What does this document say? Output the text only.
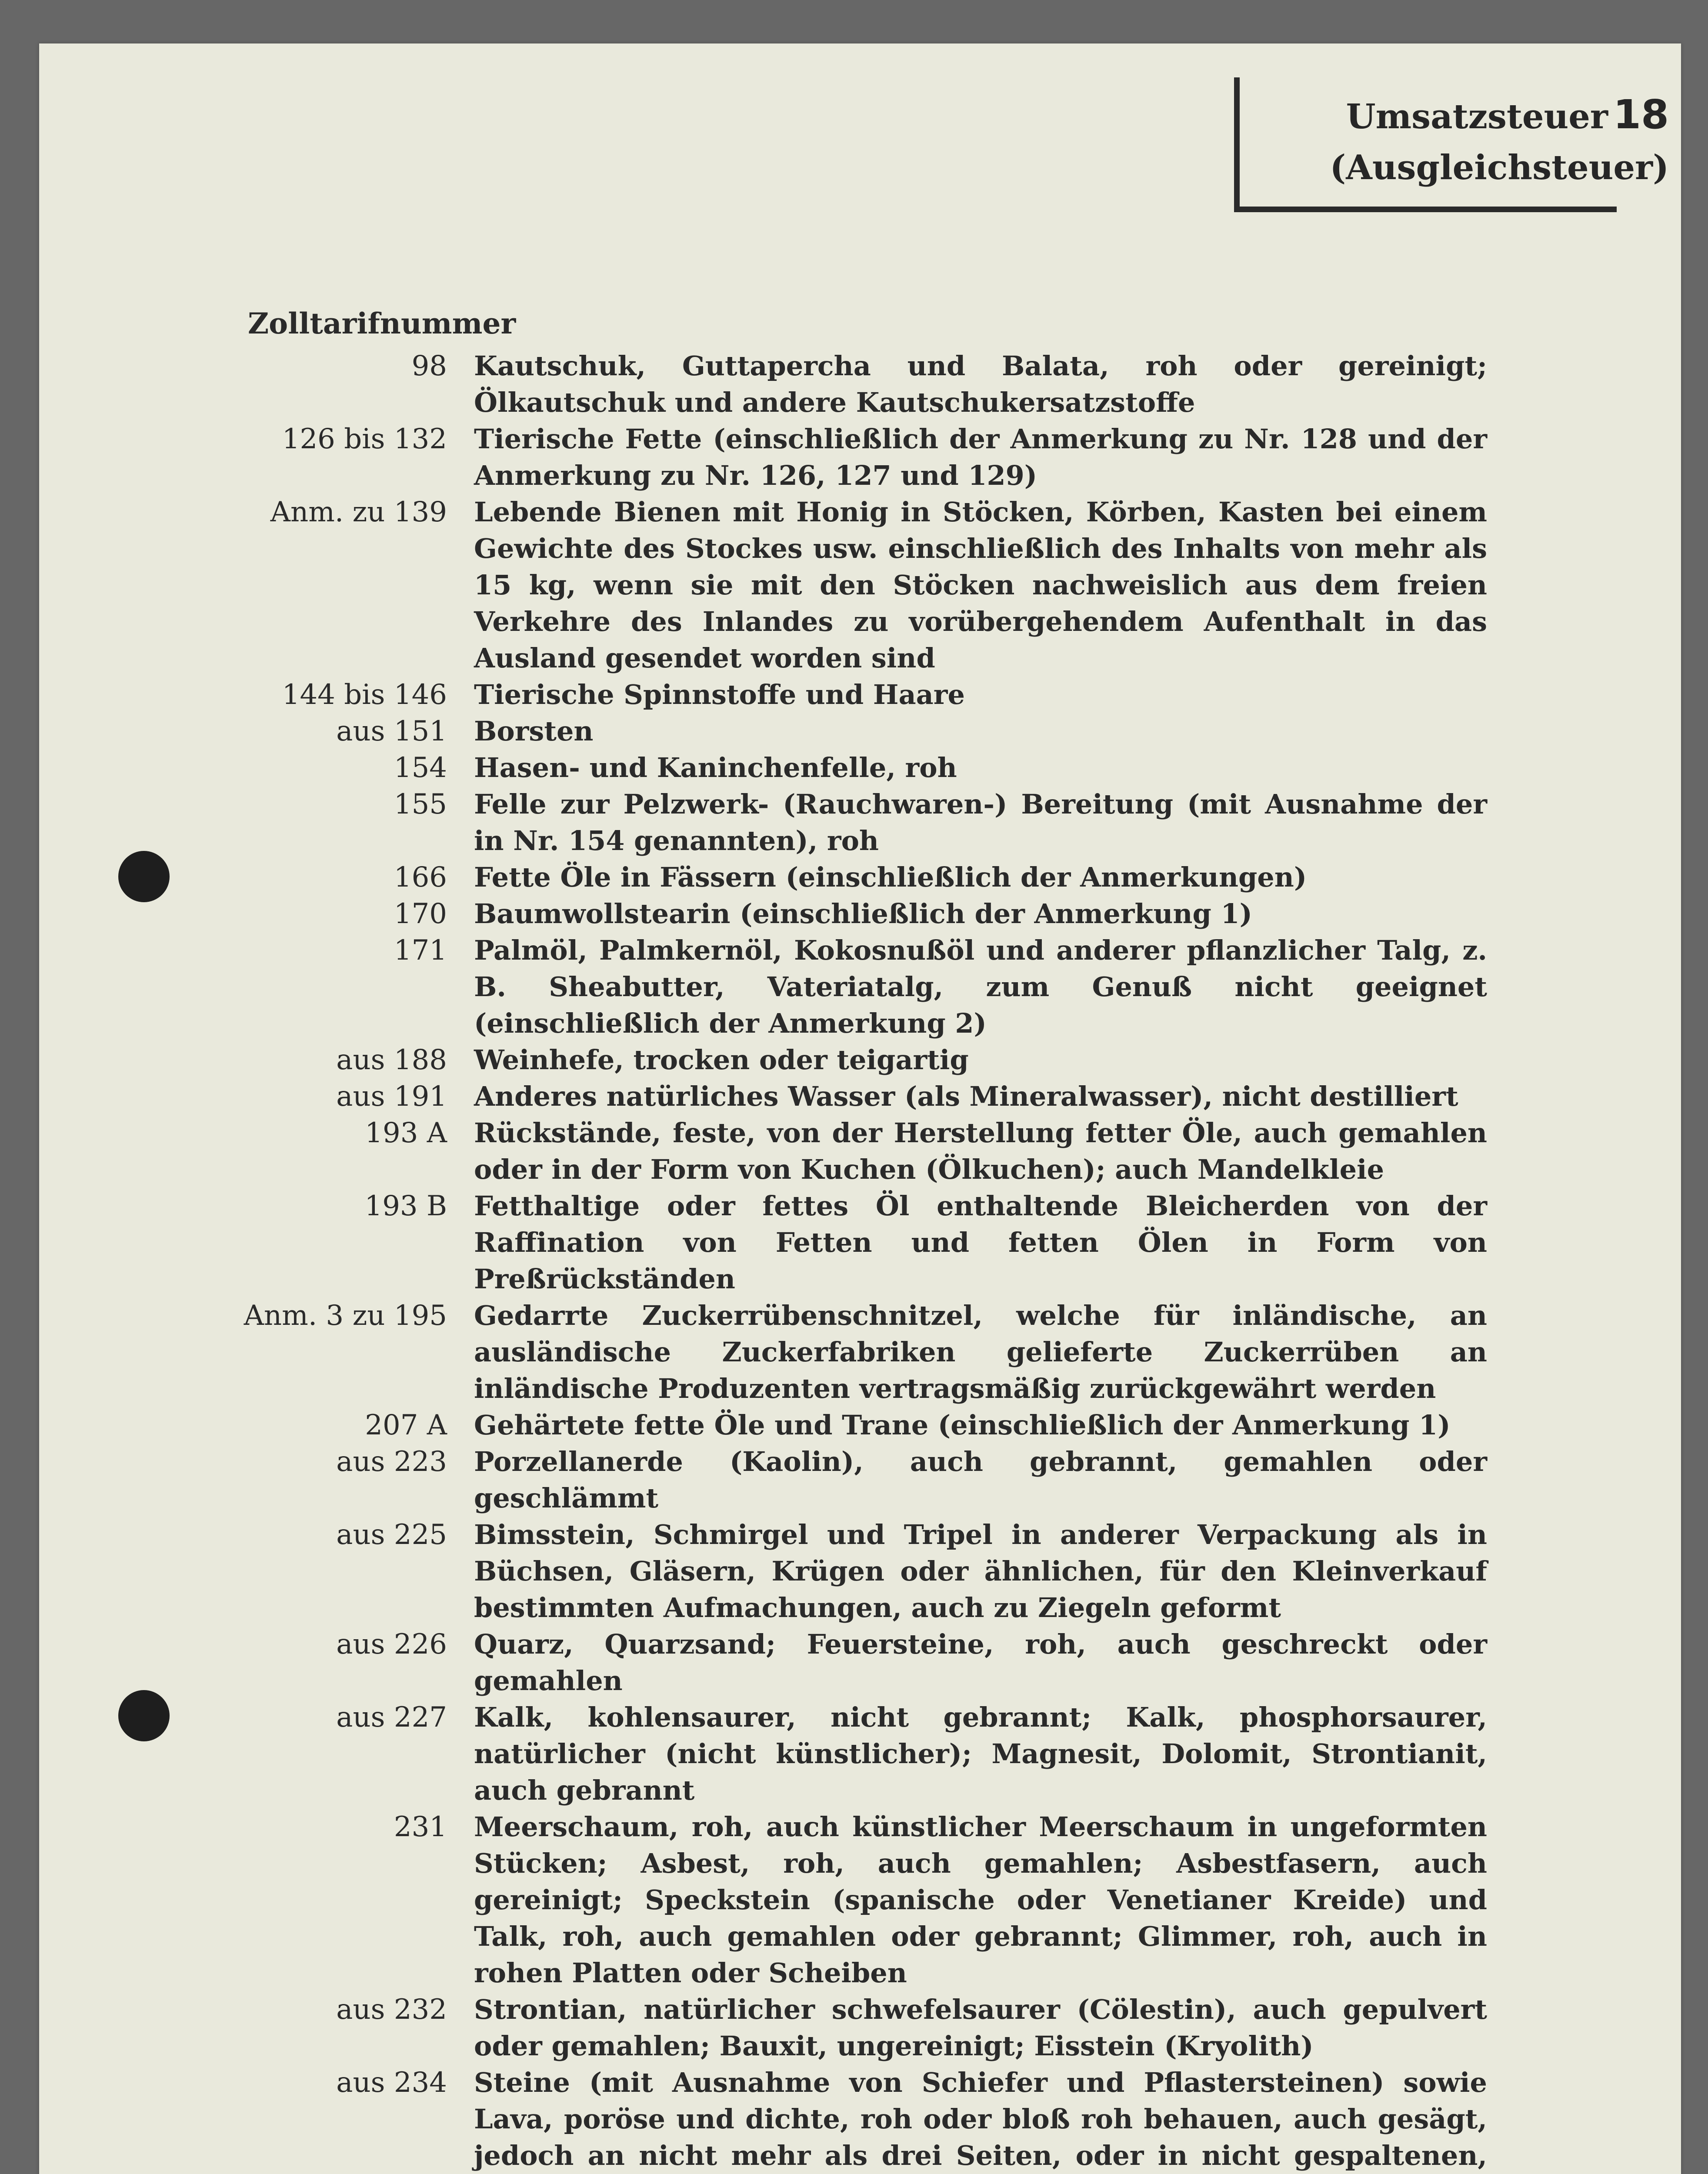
Umsatzsteuer 18
(Ausgleichsteuer)
Zolltarifnummer
98 Kautschuk, Guttapercha und Balata, roh oder gereinigt; Ölkautschuk und andere Kautschukersatzstoffe
126 bis 132 Tierische Fette (einschließlich der Anmerkung zu Nr. 128 und der Anmerkung zu Nr. 126, 127 und 129)
Anm. zu 139 Lebende Bienen mit Honig in Stöcken, Körben, Kasten bei einem Gewichte des Stockes usw. einschließlich des Inhalts von mehr als 15 kg, wenn sie mit den Stöcken nachweislich aus dem freien Verkehre des Inlandes zu vorübergehendem Aufenthalt in das Ausland gesendet worden sind
144 bis 146 Tierische Spinnstoffe und Haare
aus 151 Borsten
154 Hasen- und Kaninchenfelle, roh
155 Felle zur Pelzwerk- (Rauchwaren-) Bereitung (mit Ausnahme der in Nr. 154 genannten), roh
166 Fette Öle in Fässern (einschließlich der Anmerkungen)
170 Baumwollstearin (einschließlich der Anmerkung 1)
171 Palmöl, Palmkernöl, Kokosnußöl und anderer pflanzlicher Talg, z. B. Sheabutter, Vateriatalg, zum Genuß nicht geeignet (einschließlich der Anmerkung 2)
aus 188 Weinhefe, trocken oder teigartig
aus 191 Anderes natürliches Wasser (als Mineralwasser), nicht destilliert
193 A Rückstände, feste, von der Herstellung fetter Öle, auch gemahlen oder in der Form von Kuchen (Ölkuchen); auch Mandelkleie
193 B Fetthaltige oder fettes Öl enthaltende Bleicherden von der Raffination von Fetten und fetten Ölen in Form von Preßrückständen
Anm. 3 zu 195 Gedarrte Zuckerrübenschnitzel, welche für inländische, an ausländische Zuckerfabriken gelieferte Zuckerrüben an inländische Produzenten vertragsmäßig zurückgewährt werden
207 A Gehärtete fette Öle und Trane (einschließlich der Anmerkung 1)
aus 223 Porzellanerde (Kaolin), auch gebrannt, gemahlen oder geschlämmt
aus 225 Bimsstein, Schmirgel und Tripel in anderer Verpackung als in Büchsen, Gläsern, Krügen oder ähnlichen, für den Kleinverkauf bestimmten Aufmachungen, auch zu Ziegeln geformt
aus 226 Quarz, Quarzsand; Feuersteine, roh, auch geschreckt oder gemahlen
aus 227 Kalk, kohlensaurer, nicht gebrannt; Kalk, phosphorsaurer, natürlicher (nicht künstlicher); Magnesit, Dolomit, Strontianit, auch gebrannt
231 Meerschaum, roh, auch künstlicher Meerschaum in ungeformten Stücken; Asbest, roh, auch gemahlen; Asbestfasern, auch gereinigt; Speckstein (spanische oder Venetianer Kreide) und Talk, roh, auch gemahlen oder gebrannt; Glimmer, roh, auch in rohen Platten oder Scheiben
aus 232 Strontian, natürlicher schwefelsaurer (Cölestin), auch gepulvert oder gemahlen; Bauxit, ungereinigt; Eisstein (Kryolith)
aus 234 Steine (mit Ausnahme von Schiefer und Pflastersteinen) sowie Lava, poröse und dichte, roh oder bloß roh behauen, auch gesägt, jedoch an nicht mehr als drei Seiten, oder in nicht gespaltenen,
